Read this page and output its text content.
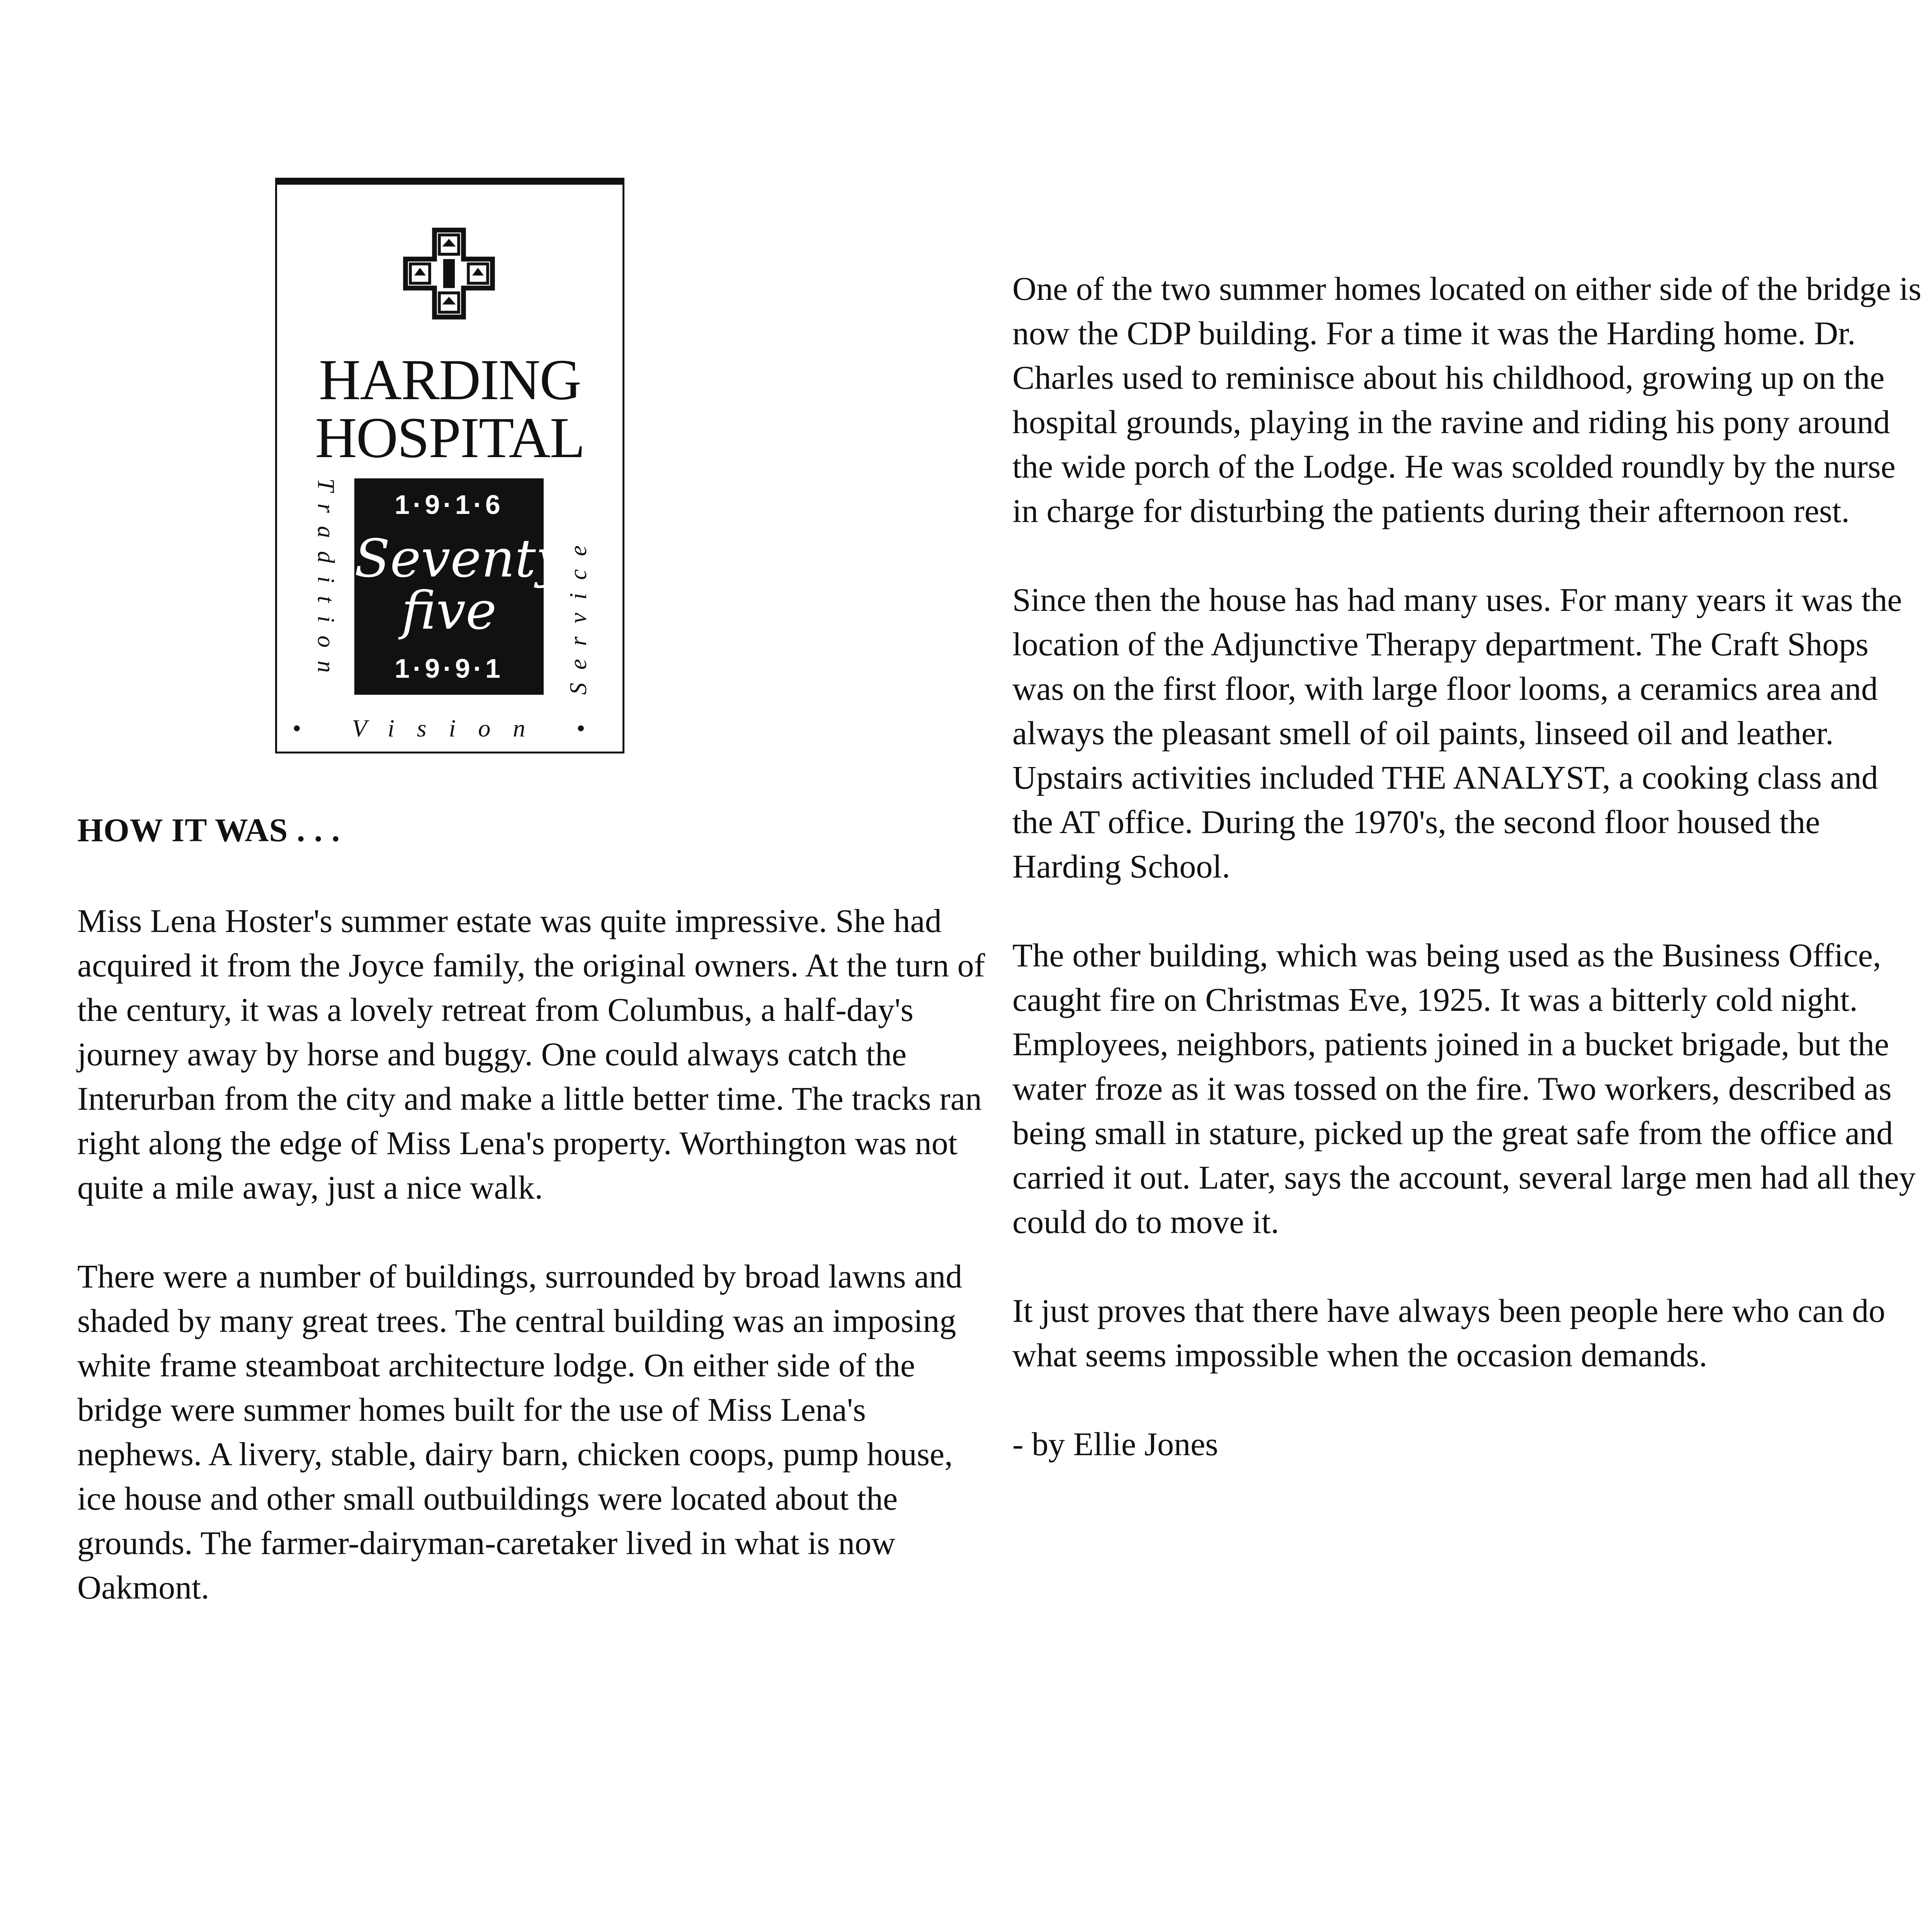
HARDING
HOSPITAL
Tradition	Service
1·9·1·6
Seventy
five
1·9·9·1
• Vision •
HOW IT WAS . . .

Miss Lena Hoster's summer estate was quite impressive. She had acquired it from the Joyce family, the original owners. At the turn of the century, it was a lovely retreat from Columbus, a half-day's journey away by horse and buggy. One could always catch the Interurban from the city and make a little better time. The tracks ran right along the edge of Miss Lena's property. Worthington was not quite a mile away, just a nice walk.

There were a number of buildings, surrounded by broad lawns and shaded by many great trees. The central building was an imposing white frame steamboat architecture lodge. On either side of the bridge were summer homes built for the use of Miss Lena's nephews. A livery, stable, dairy barn, chicken coops, pump house, ice house and other small outbuildings were located about the grounds. The farmer-dairyman-caretaker lived in what is now Oakmont.

One of the two summer homes located on either side of the bridge is now the CDP building. For a time it was the Harding home. Dr. Charles used to reminisce about his childhood, growing up on the hospital grounds, playing in the ravine and riding his pony around the wide porch of the Lodge. He was scolded roundly by the nurse in charge for disturbing the patients during their afternoon rest.

Since then the house has had many uses. For many years it was the location of the Adjunctive Therapy department. The Craft Shops was on the first floor, with large floor looms, a ceramics area and always the pleasant smell of oil paints, linseed oil and leather. Upstairs activities included THE ANALYST, a cooking class and the AT office. During the 1970's, the second floor housed the Harding School.

The other building, which was being used as the Business Office, caught fire on Christmas Eve, 1925. It was a bitterly cold night. Employees, neighbors, patients joined in a bucket brigade, but the water froze as it was tossed on the fire. Two workers, described as being small in stature, picked up the great safe from the office and carried it out. Later, says the account, several large men had all they could do to move it.

It just proves that there have always been people here who can do what seems impossible when the occasion demands.

- by Ellie Jones
